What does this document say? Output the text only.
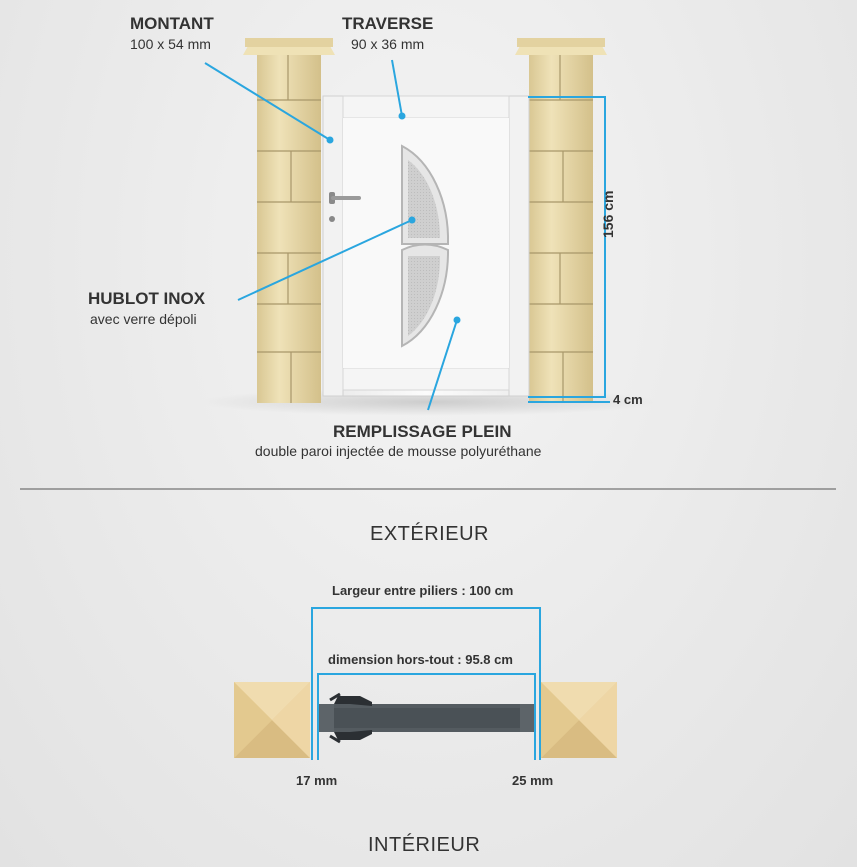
MONTANT
100 x 54 mm
TRAVERSE
90 x 36 mm
HUBLOT INOX
avec verre dépoli
REMPLISSAGE PLEIN
double paroi injectée de mousse polyuréthane
156 cm
4 cm
EXTÉRIEUR
Largeur entre piliers : 100 cm
dimension hors-tout : 95.8 cm
17 mm	25 mm
INTÉRIEUR
